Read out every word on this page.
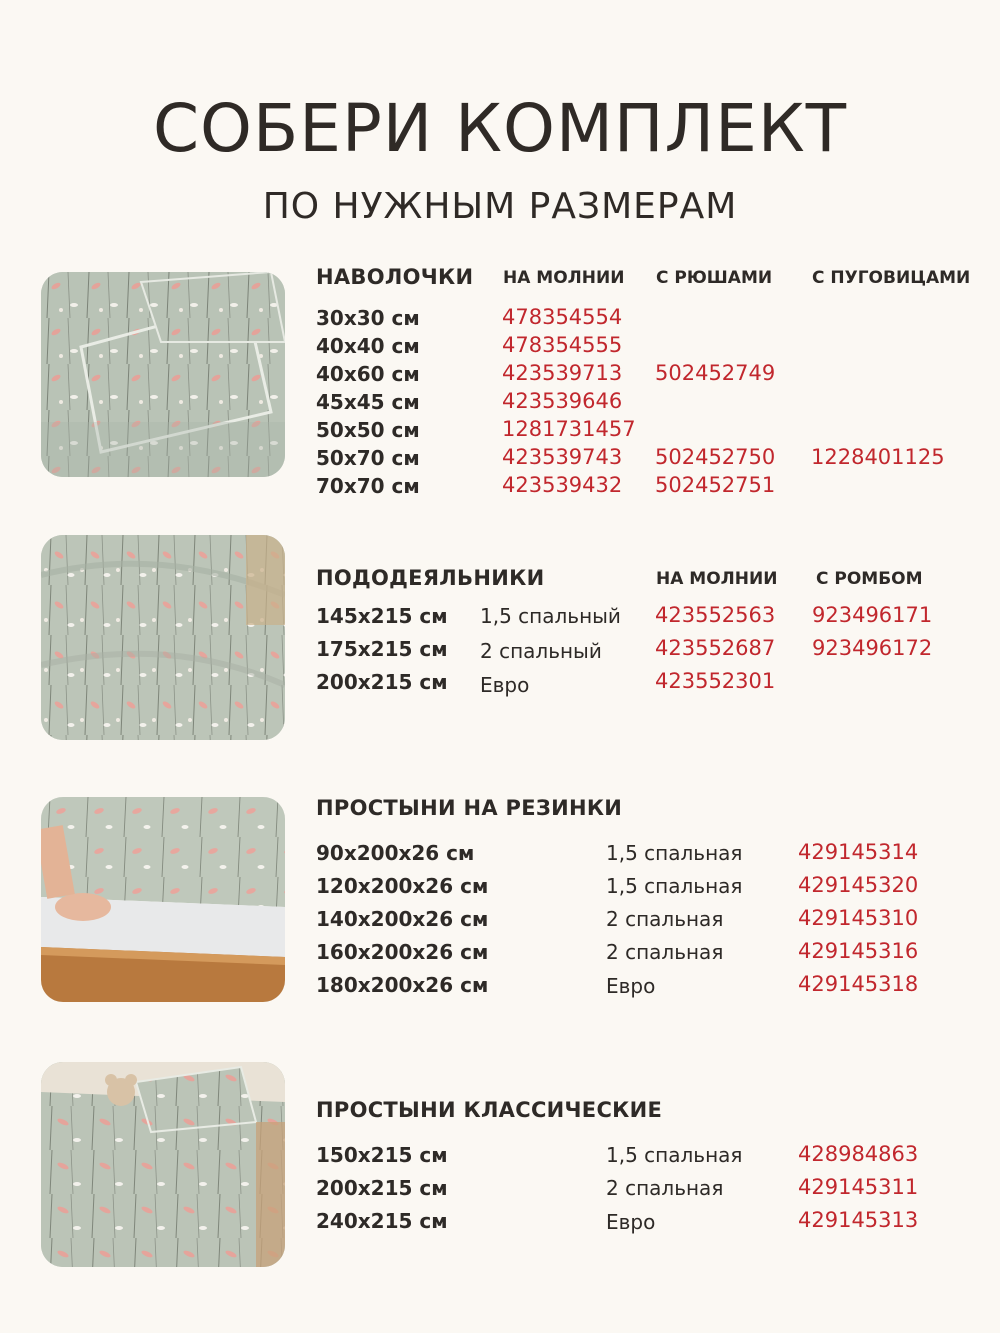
СОБЕРИ КОМПЛЕКТ
ПО НУЖНЫМ РАЗМЕРАМ
НАВОЛОЧКИ НА МОЛНИИ С РЮШАМИ С ПУГОВИЦАМИ
30x30 см	478354554
40x40 см	478354555
40x60 см	423539713 502452749
45x45 см	423539646
50x50 см	1281731457
50x70 см	423539743 502452750 1228401125
70x70 см	423539432 502452751
ПОДОДЕЯЛЬНИКИ	НА МОЛНИИ С РОМБОМ
145x215 см 1,5 спальный 423552563 923496171
175x215 см 2 спальный	423552687 923496172
200x215 см Евро	423552301
ПРОСТЫНИ НА РЕЗИНКИ
90x200x26 см	1,5 спальная	429145314
120x200x26 см	1,5 спальная	429145320
140x200x26 см	2 спальная	429145310
160x200x26 см	2 спальная	429145316
180x200x26 см	Евро	429145318
ПРОСТЫНИ КЛАССИЧЕСКИЕ
150x215 см	1,5 спальная	428984863
200x215 см	2 спальная	429145311
240x215 см	Евро	429145313
